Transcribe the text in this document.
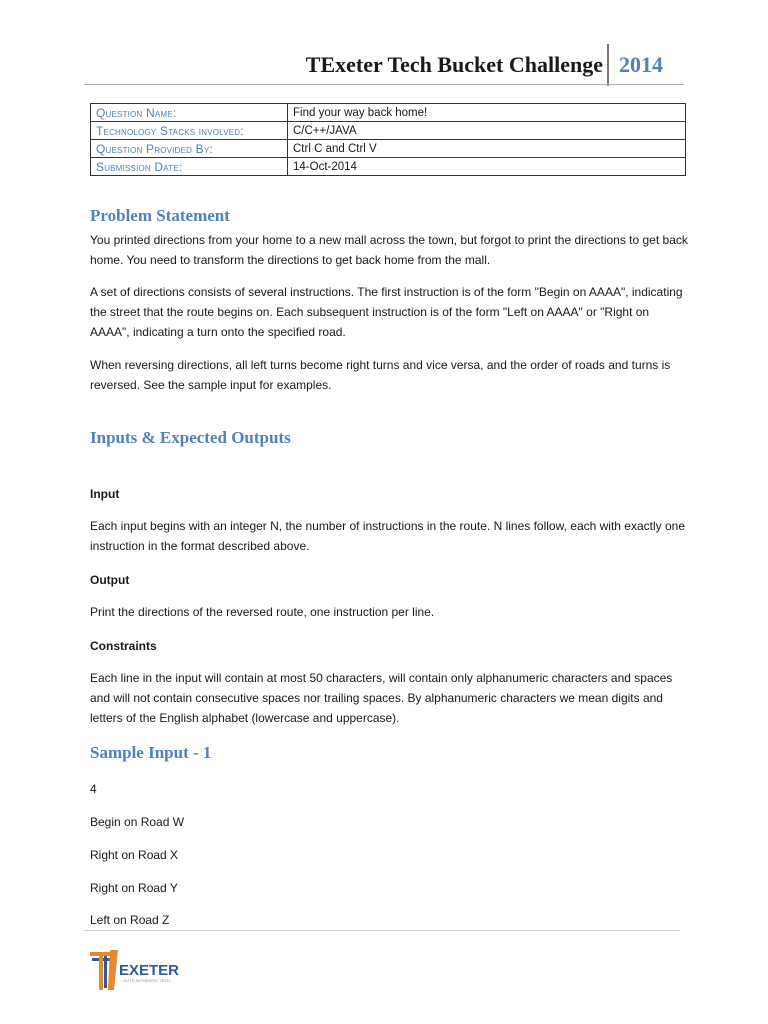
TExeter Tech Bucket Challenge 2014
Question Name:	Find your way back home!
Technology Stacks involved:	C/C++/JAVA
Question Provided By:	Ctrl C and Ctrl V
Submission Date:	14-Oct-2014
Problem Statement
You printed directions from your home to a new mall across the town, but forgot to print the directions to get back home. You need to transform the directions to get back home from the mall.
A set of directions consists of several instructions. The first instruction is of the form "Begin on AAAA", indicating the street that the route begins on. Each subsequent instruction is of the form "Left on AAAA" or "Right on AAAA", indicating a turn onto the specified road.
When reversing directions, all left turns become right turns and vice versa, and the order of roads and turns is reversed. See the sample input for examples.
Inputs & Expected Outputs
Input
Each input begins with an integer N, the number of instructions in the route. N lines follow, each with exactly one instruction in the format described above.
Output
Print the directions of the reversed route, one instruction per line.
Constraints
Each line in the input will contain at most 50 characters, will contain only alphanumeric characters and spaces and will not contain consecutive spaces nor trailing spaces. By alphanumeric characters we mean digits and letters of the English alphabet (lowercase and uppercase).
Sample Input - 1
4
Begin on Road W
Right on Road X
Right on Road Y
Left on Road Z
EXETER
...ELITE AUTHENTIC TECH
